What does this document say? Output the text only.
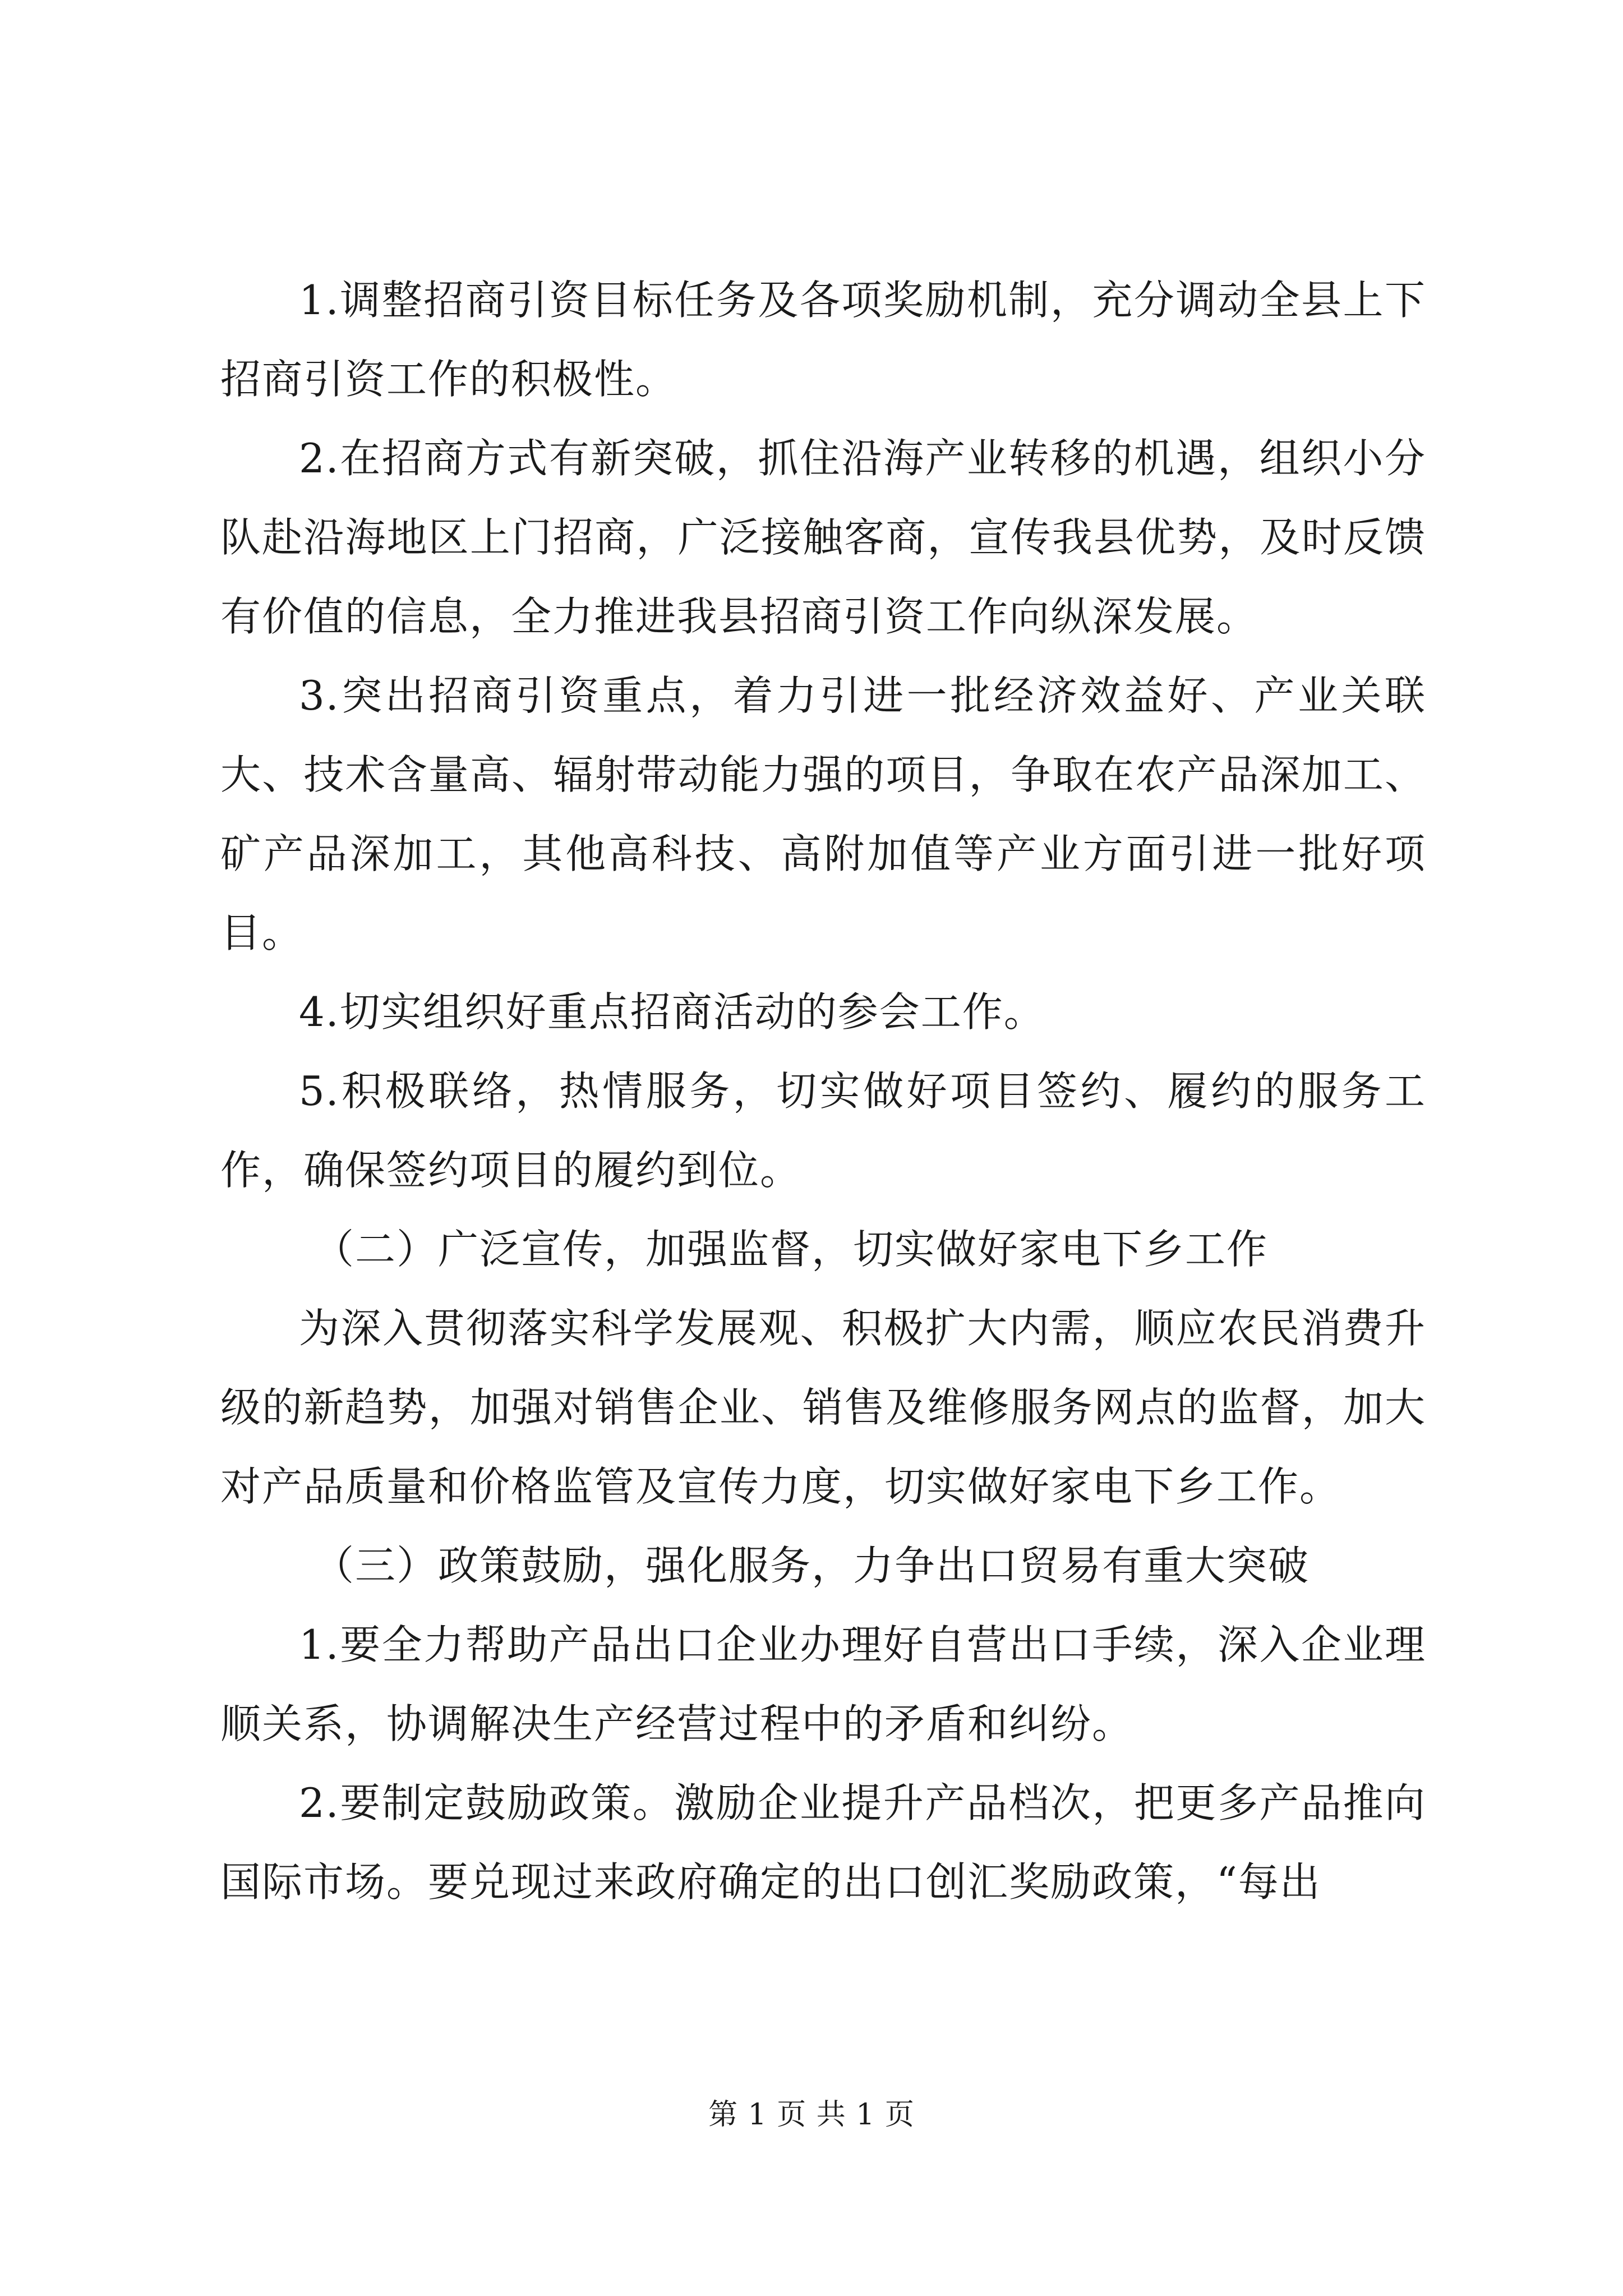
1.调整招商引资目标任务及各项奖励机制，充分调动全县上下招商引资工作的积极性。

2.在招商方式有新突破，抓住沿海产业转移的机遇，组织小分队赴沿海地区上门招商，广泛接触客商，宣传我县优势，及时反馈有价值的信息，全力推进我县招商引资工作向纵深发展。

3.突出招商引资重点，着力引进一批经济效益好、产业关联大、技术含量高、辐射带动能力强的项目，争取在农产品深加工、矿产品深加工，其他高科技、高附加值等产业方面引进一批好项目。

4.切实组织好重点招商活动的参会工作。

5.积极联络，热情服务，切实做好项目签约、履约的服务工作，确保签约项目的履约到位。

（二）广泛宣传，加强监督，切实做好家电下乡工作

为深入贯彻落实科学发展观、积极扩大内需，顺应农民消费升级的新趋势，加强对销售企业、销售及维修服务网点的监督，加大对产品质量和价格监管及宣传力度，切实做好家电下乡工作。

（三）政策鼓励，强化服务，力争出口贸易有重大突破

1.要全力帮助产品出口企业办理好自营出口手续，深入企业理顺关系，协调解决生产经营过程中的矛盾和纠纷。

2.要制定鼓励政策。激励企业提升产品档次，把更多产品推向国际市场。要兑现过来政府确定的出口创汇奖励政策，“每出

第 1 页 共 1 页
